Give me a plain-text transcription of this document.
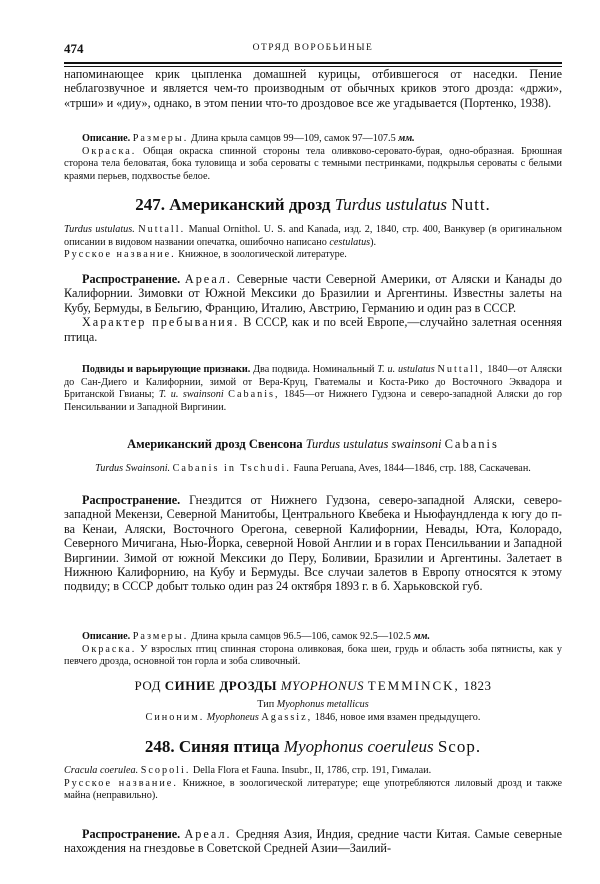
474	ОТРЯД ВОРОБЬИНЫЕ

напоминающее крик цыпленка домашней курицы, отбившегося от наседки. Пение неблагозвучное и является чем-то производным от обычных криков этого дрозда: «држи», «трши» и «диу», однако, в этом пении что-то дроздовое все же угадывается (Портенко, 1938).

Описание. Размеры. Длина крыла самцов 99—109, самок 97—107.5 мм.

Окраска. Общая окраска спинной стороны тела оливково-серовато-бурая, одно-образная. Брюшная сторона тела беловатая, бока туловища и зоба сероваты с темными пестринками, подкрылья сероваты с белыми краями перьев, подхвостье белое.

247. Американский дрозд Turdus ustulatus Nutt.

Turdus ustulatus. Nuttall. Manual Ornithol. U. S. and Kanada, изд. 2, 1840, стр. 400, Ванкувер (в оригинальном описании в видовом названии опечатка, ошибочно написано cestulatus).

Русское название. Книжное, в зоологической литературе.

Распространение. Ареал. Северные части Северной Америки, от Аляски и Канады до Калифорнии. Зимовки от Южной Мексики до Бразилии и Аргентины. Известны залеты на Кубу, Бермуды, в Бельгию, Францию, Италию, Австрию, Германию и один раз в СССР.

Характер пребывания. В СССР, как и по всей Европе,—случайно залетная осенняя птица.

Подвиды и варьирующие признаки. Два подвида. Номинальный T. u. ustulatus Nuttall, 1840—от Аляски до Сан-Диего и Калифорнии, зимой от Вера-Круц, Гватемалы и Коста-Рико до Восточного Эквадора и Британской Гвианы; T. u. swainsoni Cabanis, 1845—от Нижнего Гудзона и северо-западной Аляски до гор Пенсильвании и Западной Виргинии.

Американский дрозд Свенсона Turdus ustulatus swainsoni Cabanis

Turdus Swainsoni. Cabanis in Tschudi. Fauna Peruana, Aves, 1844—1846, стр. 188, Саскачеван.

Распространение. Гнездится от Нижнего Гудзона, северо-западной Аляски, северо-западной Мекензи, Северной Манитобы, Центрального Квебека и Ньюфаундленда к югу до п-ва Кенаи, Аляски, Восточного Орегона, северной Калифорнии, Невады, Юта, Колорадо, Северного Мичигана, Нью-Йорка, северной Новой Англии и в горах Пенсильвании и Западной Виргинии. Зимой от южной Мексики до Перу, Боливии, Бразилии и Аргентины. Залетает в Нижнюю Калифорнию, на Кубу и Бермуды. Все случаи залетов в Европу относятся к этому подвиду; в СССР добыт только один раз 24 октября 1893 г. в б. Харьковской губ.

Описание. Размеры. Длина крыла самцов 96.5—106, самок 92.5—102.5 мм.

Окраска. У взрослых птиц спинная сторона оливковая, бока шеи, грудь и область зоба пятнисты, как у певчего дрозда, основной тон горла и зоба сливочный.

РОД СИНИЕ ДРОЗДЫ MYOPHONUS TEMMINCK, 1823

Тип Myophonus metallicus

Синоним. Myophoneus Agassiz, 1846, новое имя взамен предыдущего.

248. Синяя птица Myophonus coeruleus Scop.

Cracula coerulea. Scopoli. Della Flora et Fauna. Insubr., II, 1786, стр. 191, Гималаи.

Русское название. Книжное, в зоологической литературе; еще употребляются лиловый дрозд и также майна (неправильно).

Распространение. Ареал. Средняя Азия, Индия, средние части Китая. Самые северные нахождения на гнездовье в Советской Средней Азии—Заилий-
